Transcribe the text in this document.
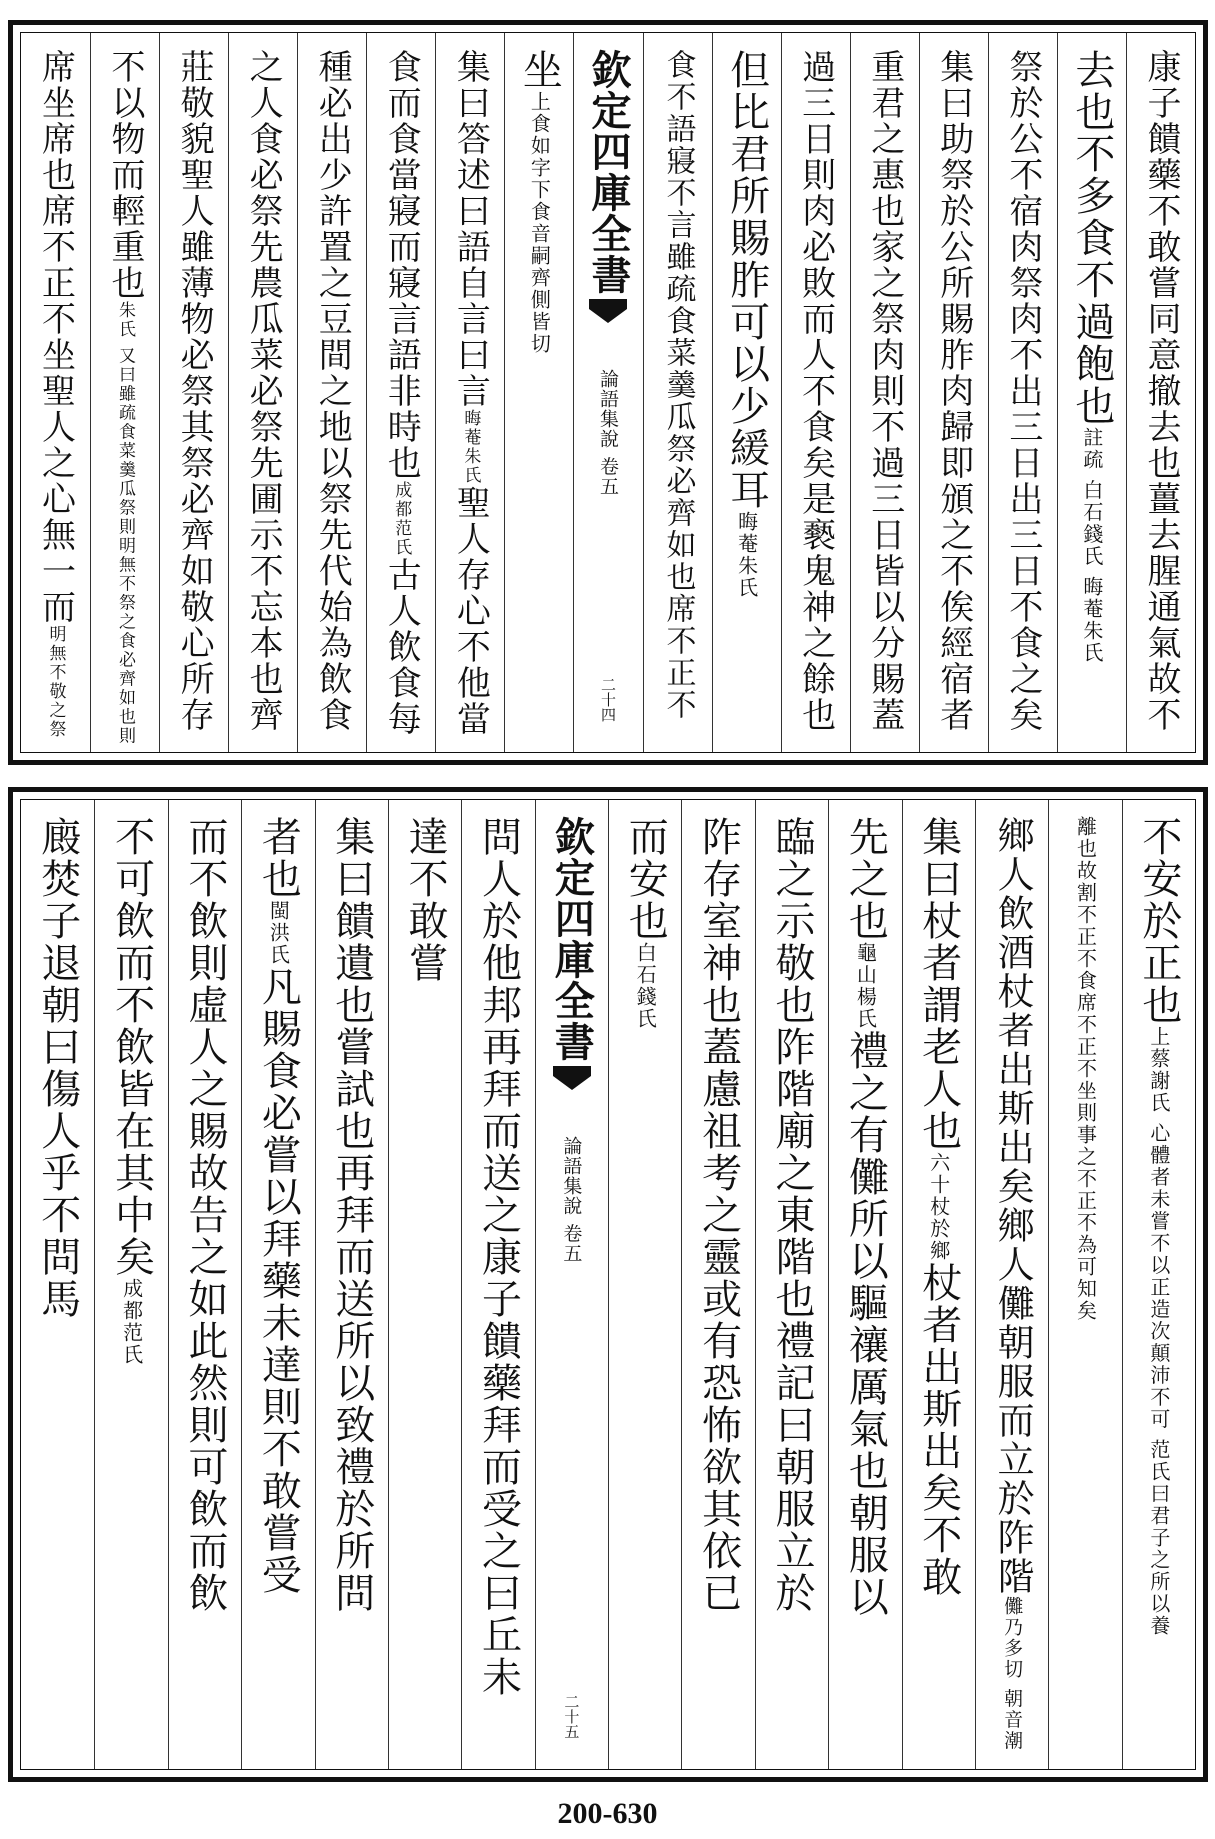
康子饋藥不敢嘗同意撤去也薑去腥通氣故不
去也不多食不過飽也註疏 白石錢氏 晦菴朱氏
祭於公不宿肉祭肉不出三日出三日不食之矣
集曰助祭於公所賜胙肉歸即頒之不俟經宿者
重君之惠也家之祭肉則不過三日皆以分賜蓋
過三日則肉必敗而人不食矣是褻鬼神之餘也
但比君所賜胙可以少緩耳晦菴朱氏
食不語寢不言雖疏食菜羹瓜祭必齊如也席不正不
欽定四庫全書
論語集說 卷五
二十四
坐上食如字下食音嗣齊側皆切
集曰答述曰語自言曰言晦菴朱氏聖人存心不他當
食而食當寢而寢言語非時也成都范氏古人飲食每
種必出少許置之豆間之地以祭先代始為飲食
之人食必祭先農瓜菜必祭先圃示不忘本也齊
莊敬貌聖人雖薄物必祭其祭必齊如敬心所存
不以物而輕重也朱氏 又曰雖疏食菜羹瓜祭則明無不祭之食必齊如也則
席坐席也席不正不坐聖人之心無一而明無不敬之祭
不安於正也上蔡謝氏 心體者未嘗不以正造次顛沛不可 范氏曰君子之所以養
離也故割不正不食席不正不坐則事之不正不為可知矣
鄉人飲酒杖者出斯出矣鄉人儺朝服而立於阼階儺乃多切 朝音潮
集曰杖者謂老人也六十杖於鄉杖者出斯出矣不敢
先之也龜山楊氏禮之有儺所以驅禳厲氣也朝服以
臨之示敬也阼階廟之東階也禮記曰朝服立於
阼存室神也蓋慮祖考之靈或有恐怖欲其依已
而安也白石錢氏
欽定四庫全書
論語集說 卷五
二十五
問人於他邦再拜而送之康子饋藥拜而受之曰丘未
達不敢嘗
集曰饋遺也嘗試也再拜而送所以致禮於所問
者也閩洪氏凡賜食必嘗以拜藥未達則不敢嘗受
而不飲則虛人之賜故告之如此然則可飲而飲
不可飲而不飲皆在其中矣成都范氏
廄焚子退朝曰傷人乎不問馬
200-630
